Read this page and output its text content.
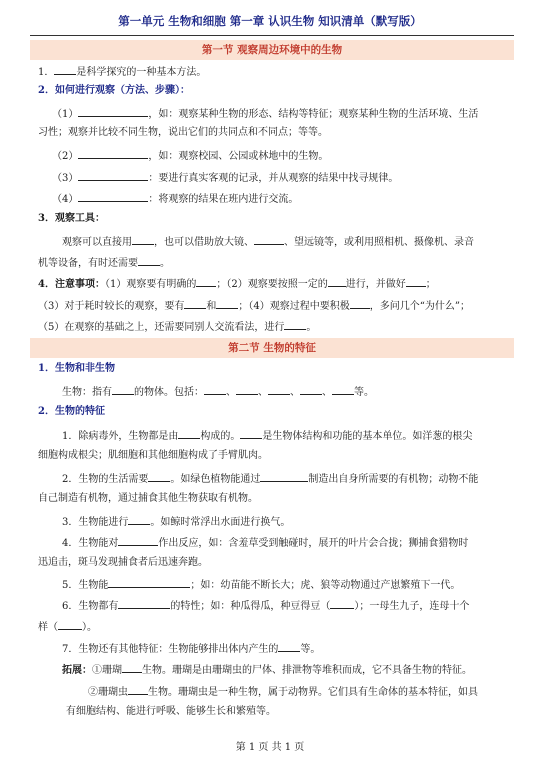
第一单元 生物和细胞 第一章 认识生物 知识清单（默写版）
第一节 观察周边环境中的生物
1． 是科学探究的一种基本方法。
2．如何进行观察（方法、步骤）：
（1）	，如：观察某种生物的形态、结构等特征；观察某种生物的生活环境、生活
习性；观察并比较不同生物，说出它们的共同点和不同点；等等。
（2）	，如：观察校园、公园或林地中的生物。
（3）	：要进行真实客观的记录，并从观察的结果中找寻规律。
（4）	：将观察的结果在班内进行交流。
3．观察工具：
观察可以直接用 ，也可以借助放大镜、	、望远镜等，或利用照相机、摄像机、录音
机等设备，有时还需要 。
4．注意事项：（1）观察要有明确的 ；（2）观察要按照一定的 进行，并做好 ；
（3）对于耗时较长的观察，要有 和 ；（4）观察过程中要积极 ，多问几个“为什么”；
（5）在观察的基础之上，还需要同别人交流看法，进行 。
第二节 生物的特征
1．生物和非生物
生物：指有 的物体。包括： 、 、 、 、 等。
2．生物的特征
1．除病毒外，生物都是由 构成的。 是生物体结构和功能的基本单位。如洋葱的根尖
细胞构成根尖；肌细胞和其他细胞构成了手臂肌肉。
2．生物的生活需要 。如绿色植物能通过	制造出自身所需要的有机物；动物不能
自己制造有机物，通过捕食其他生物获取有机物。
3．生物能进行 。如鲸时常浮出水面进行换气。
4．生物能对	作出反应，如：含羞草受到触碰时，展开的叶片会合拢；狮捕食猎物时
迅追击，斑马发现捕食者后迅速奔跑。
5．生物能	；如：幼苗能不断长大；虎、狼等动物通过产崽繁殖下一代。
6．生物都有	的特性；如：种瓜得瓜，种豆得豆（ ）；一母生九子，连母十个
样（ ）。
7．生物还有其他特征：生物能够排出体内产生的 等。
拓展：①珊瑚 生物。珊瑚是由珊瑚虫的尸体、排泄物等堆积而成，它不具备生物的特征。
②珊瑚虫 生物。珊瑚虫是一种生物，属于动物界。它们具有生命体的基本特征，如具
有细胞结构、能进行呼吸、能够生长和繁殖等。
第 1 页 共 1 页
